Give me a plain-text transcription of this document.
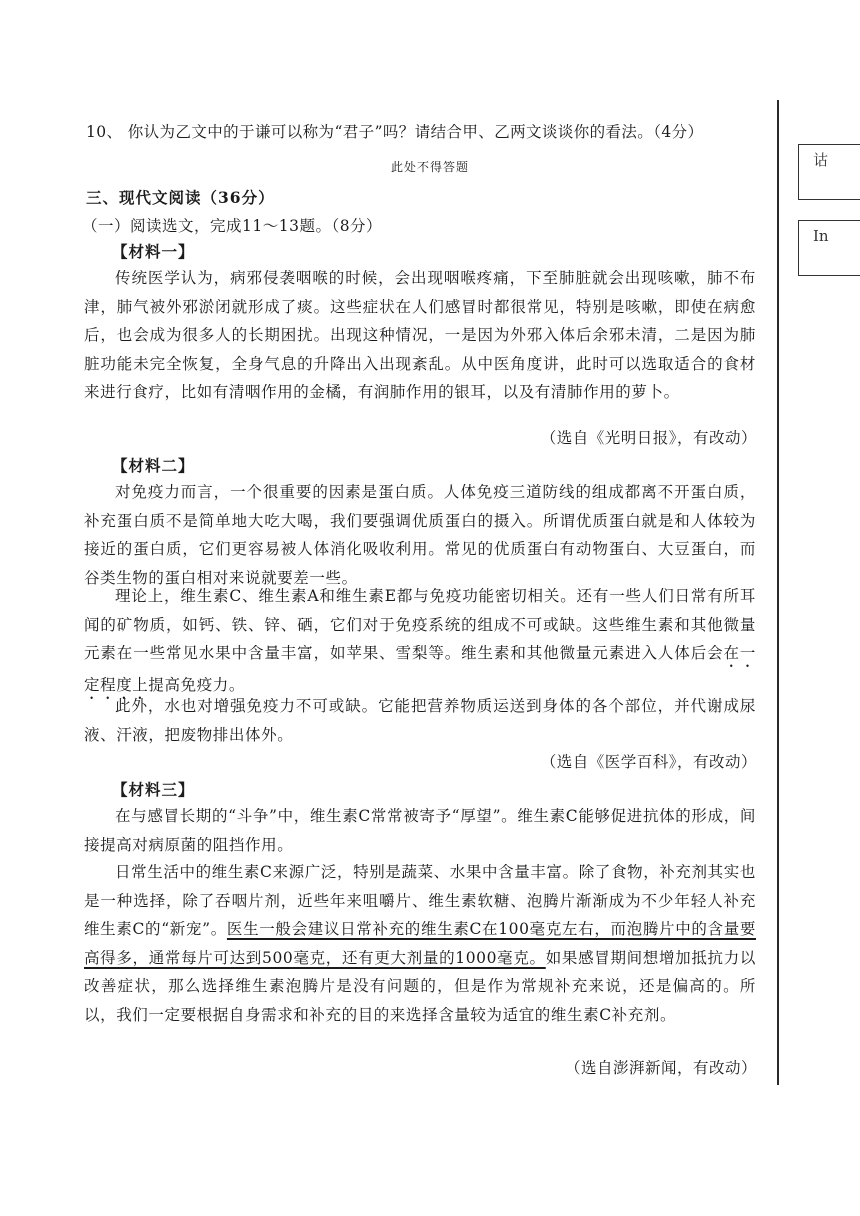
10、 你认为乙文中的于谦可以称为“君子”吗？请结合甲、乙两文谈谈你的看法。（4分）
此处不得答题
三、现代文阅读（36分）
（一）阅读选文，完成11～13题。（8分）
【材料一】
传统医学认为，病邪侵袭咽喉的时候，会出现咽喉疼痛，下至肺脏就会出现咳嗽，肺不布津，肺气被外邪淤闭就形成了痰。这些症状在人们感冒时都很常见，特别是咳嗽，即使在病愈后，也会成为很多人的长期困扰。出现这种情况，一是因为外邪入体后余邪未清，二是因为肺脏功能未完全恢复，全身气息的升降出入出现紊乱。从中医角度讲，此时可以选取适合的食材来进行食疗，比如有清咽作用的金橘，有润肺作用的银耳，以及有清肺作用的萝卜。
（选自《光明日报》，有改动）
【材料二】
对免疫力而言，一个很重要的因素是蛋白质。人体免疫三道防线的组成都离不开蛋白质，补充蛋白质不是简单地大吃大喝，我们要强调优质蛋白的摄入。所谓优质蛋白就是和人体较为接近的蛋白质，它们更容易被人体消化吸收利用。常见的优质蛋白有动物蛋白、大豆蛋白，而谷类生物的蛋白相对来说就要差一些。
理论上，维生素C、维生素A和维生素E都与免疫功能密切相关。还有一些人们日常有所耳闻的矿物质，如钙、铁、锌、硒，它们对于免疫系统的组成不可或缺。这些维生素和其他微量元素在一些常见水果中含量丰富，如苹果、雪梨等。维生素和其他微量元素进入人体后会在一定程度上提高免疫力。
此外，水也对增强免疫力不可或缺。它能把营养物质运送到身体的各个部位，并代谢成尿液、汗液，把废物排出体外。
（选自《医学百科》，有改动）
【材料三】
在与感冒长期的“斗争”中，维生素C常常被寄予“厚望”。维生素C能够促进抗体的形成，间接提高对病原菌的阻挡作用。
日常生活中的维生素C来源广泛，特别是蔬菜、水果中含量丰富。除了食物，补充剂其实也是一种选择，除了吞咽片剂，近些年来咀嚼片、维生素软糖、泡腾片渐渐成为不少年轻人补充维生素C的“新宠”。医生一般会建议日常补充的维生素C在100毫克左右，而泡腾片中的含量要高得多，通常每片可达到500毫克，还有更大剂量的1000毫克。如果感冒期间想增加抵抗力以改善症状，那么选择维生素泡腾片是没有问题的，但是作为常规补充来说，还是偏高的。所以，我们一定要根据自身需求和补充的目的来选择含量较为适宜的维生素C补充剂。
（选自澎湃新闻，有改动）
诂
In
